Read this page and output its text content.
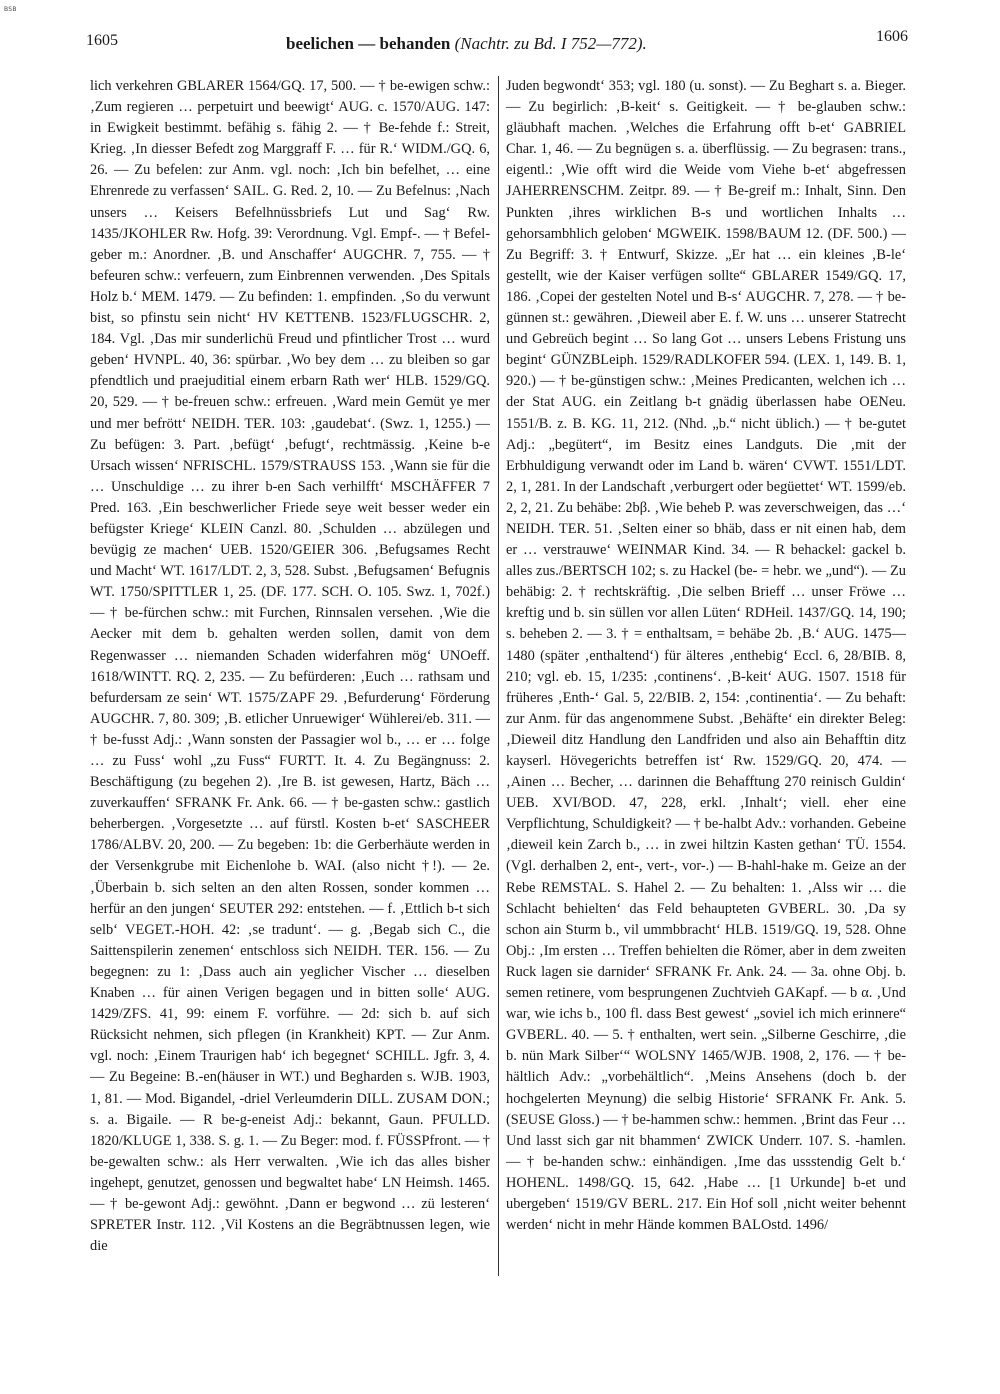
BSB
1605	beelichen — behanden (Nachtr. zu Bd. I 752—772).	1606

lich verkehren GBLARER 1564/GQ. 17, 500. — † be-ewigen schw.: ‚Zum regieren … perpetuirt und beewigt‘ AUG. c. 1570/AUG. 147: in Ewigkeit bestimmt. befähig s. fähig 2. — † Be-fehde f.: Streit, Krieg. ‚In diesser Befedt zog Marggraff F. … für R.‘ WIDM./GQ. 6, 26. — Zu befelen: zur Anm. vgl. noch: ‚Ich bin befelhet, … eine Ehrenrede zu verfassen‘ SAIL. G. Red. 2, 10. — Zu Befelnus: ‚Nach unsers … Keisers Befelhnüssbriefs Lut und Sag‘ Rw. 1435/JKOHLER Rw. Hofg. 39: Verordnung. Vgl. Empf-. — † Befel-geber m.: Anordner. ‚B. und Anschaffer‘ AUGCHR. 7, 755. — † befeuren schw.: verfeuern, zum Einbrennen verwenden. ‚Des Spitals Holz b.‘ MEM. 1479. — Zu befinden: 1. empfinden. ‚So du verwunt bist, so pfinstu sein nicht‘ HV KETTENB. 1523/FLUGSCHR. 2, 184. Vgl. ‚Das mir sunderlichü Freud und pfintlicher Trost … wurd geben‘ HVNPL. 40, 36: spürbar. ‚Wo bey dem … zu bleiben so gar pfendtlich und praejuditial einem erbarn Rath wer‘ HLB. 1529/GQ. 20, 529. — † be-freuen schw.: erfreuen. ‚Ward mein Gemüt ye mer und mer befrött‘ NEIDH. TER. 103: ‚gaudebat‘. (Swz. 1, 1255.) — Zu befügen: 3. Part. ‚befügt‘ ‚befugt‘, rechtmässig. ‚Keine b-e Ursach wissen‘ NFRISCHL. 1579/STRAUSS 153. ‚Wann sie für die … Unschuldige … zu ihrer b-en Sach verhilfft‘ MSCHÄFFER 7 Pred. 163. ‚Ein beschwerlicher Friede seye weit besser weder ein befügster Kriege‘ KLEIN Canzl. 80. ‚Schulden … abzülegen und bevügig ze machen‘ UEB. 1520/GEIER 306. ‚Befugsames Recht und Macht‘ WT. 1617/LDT. 2, 3, 528. Subst. ‚Befugsamen‘ Befugnis WT. 1750/SPITTLER 1, 25. (DF. 177. SCH. O. 105. Swz. 1, 702f.) — † be-fürchen schw.: mit Furchen, Rinnsalen versehen. ‚Wie die Aecker mit dem b. gehalten werden sollen, damit von dem Regenwasser … niemanden Schaden widerfahren mög‘ UNOeff. 1618/WINTT. RQ. 2, 235. — Zu befürderen: ‚Euch … rathsam und befurdersam ze sein‘ WT. 1575/ZAPF 29. ‚Befurderung‘ Förderung AUGCHR. 7, 80. 309; ‚B. etlicher Unruewiger‘ Wühlerei/eb. 311. — † be-fusst Adj.: ‚Wann sonsten der Passagier wol b., … er … folge … zu Fuss‘ wohl „zu Fuss“ FURTT. It. 4. Zu Begängnuss: 2. Beschäftigung (zu begehen 2). ‚Ire B. ist gewesen, Hartz, Bäch … zuverkauffen‘ SFRANK Fr. Ank. 66. — † be-gasten schw.: gastlich beherbergen. ‚Vorgesetzte … auf fürstl. Kosten b-et‘ SASCHEER 1786/ALBV. 20, 200. — Zu begeben: 1b: die Gerberhäute werden in der Versenkgrube mit Eichenlohe b. WAI. (also nicht †!). — 2e. ‚Überbain b. sich selten an den alten Rossen, sonder kommen … herfür an den jungen‘ SEUTER 292: entstehen. — f. ‚Ettlich b-t sich selb‘ VEGET.-HOH. 42: ‚se tradunt‘. — g. ‚Begab sich C., die Saittenspilerin zenemen‘ entschloss sich NEIDH. TER. 156. — Zu begegnen: zu 1: ‚Dass auch ain yeglicher Vischer … dieselben Knaben … für ainen Verigen begagen und in bitten solle‘ AUG. 1429/ZFS. 41, 99: einem F. vorführe. — 2d: sich b. auf sich Rücksicht nehmen, sich pflegen (in Krankheit) KPT. — Zur Anm. vgl. noch: ‚Einem Traurigen hab‘ ich begegnet‘ SCHILL. Jgfr. 3, 4. — Zu Begeine: B.-en(häuser in WT.) und Begharden s. WJB. 1903, 1, 81. — Mod. Bigandel, -driel Verleumderin DILL. ZUSAM DON.; s. a. Bigaile. — R be-g-eneist Adj.: bekannt, Gaun. PFULLD. 1820/KLUGE 1, 338. S. g. 1. — Zu Beger: mod. f. FÜSSPfront. — † be-gewalten schw.: als Herr verwalten. ‚Wie ich das alles bisher ingehept, genutzet, genossen und begwaltet habe‘ LN Heimsh. 1465. — † be-gewont Adj.: gewöhnt. ‚Dann er begwond … zü lesteren‘ SPRETER Instr. 112. ‚Vil Kostens an die Begräbtnussen legen, wie die

Juden begwondt‘ 353; vgl. 180 (u. sonst). — Zu Beghart s. a. Bieger. — Zu begirlich: ‚B-keit‘ s. Geitigkeit. — † be-glauben schw.: gläubhaft machen. ‚Welches die Erfahrung offt b-et‘ GABRIEL Char. 1, 46. — Zu begnügen s. a. überflüssig. — Zu begrasen: trans., eigentl.: ‚Wie offt wird die Weide vom Viehe b-et‘ abgefressen JAHERRENSCHM. Zeitpr. 89. — † Be-greif m.: Inhalt, Sinn. Den Punkten ‚ihres wirklichen B-s und wortlichen Inhalts … gehorsambhlich geloben‘ MGWEIK. 1598/BAUM 12. (DF. 500.) — Zu Begriff: 3. † Entwurf, Skizze. „Er hat … ein kleines ‚B-le‘ gestellt, wie der Kaiser verfügen sollte“ GBLARER 1549/GQ. 17, 186. ‚Copei der gestelten Notel und B-s‘ AUGCHR. 7, 278. — † be-günnen st.: gewähren. ‚Dieweil aber E. f. W. uns … unserer Statrecht und Gebreüch begint … So lang Got … unsers Lebens Fristung uns begint‘ GÜNZBLeiph. 1529/RADLKOFER 594. (LEX. 1, 149. B. 1, 920.) — † be-günstigen schw.: ‚Meines Predicanten, welchen ich … der Stat AUG. ein Zeitlang b-t gnädig überlassen habe OENeu. 1551/B. z. B. KG. 11, 212. (Nhd. „b.“ nicht üblich.) — † be-gutet Adj.: „begütert“, im Besitz eines Landguts. Die ‚mit der Erbhuldigung verwandt oder im Land b. wären‘ CVWT. 1551/LDT. 2, 1, 281. In der Landschaft ‚verburgert oder begüettet‘ WT. 1599/eb. 2, 2, 21. Zu behäbe: 2bβ. ‚Wie beheb P. was zeverschweigen, das …‘ NEIDH. TER. 51. ‚Selten einer so bhäb, dass er nit einen hab, dem er … verstrauwe‘ WEINMAR Kind. 34. — R behackel: gackel b. alles zus./BERTSCH 102; s. zu Hackel (be- = hebr. we „und“). — Zu behäbig: 2. † rechtskräftig. ‚Die selben Brieff … unser Fröwe … kreftig und b. sin süllen vor allen Lüten‘ RDHeil. 1437/GQ. 14, 190; s. beheben 2. — 3. † = enthaltsam, = behäbe 2b. ‚B.‘ AUG. 1475—1480 (später ‚enthaltend‘) für älteres ‚enthebig‘ Eccl. 6, 28/BIB. 8, 210; vgl. eb. 15, 1/235: ‚continens‘. ‚B-keit‘ AUG. 1507. 1518 für früheres ‚Enth-‘ Gal. 5, 22/BIB. 2, 154: ‚continentia‘. — Zu behaft: zur Anm. für das angenommene Subst. ‚Behäfte‘ ein direkter Beleg: ‚Dieweil ditz Handlung den Landfriden und also ain Behafftin ditz kayserl. Hövegerichts betreffen ist‘ Rw. 1529/GQ. 20, 474. — ‚Ainen … Becher, … darinnen die Behafftung 270 reinisch Guldin‘ UEB. XVI/BOD. 47, 228, erkl. ‚Inhalt‘; viell. eher eine Verpflichtung, Schuldigkeit? — † be-halbt Adv.: vorhanden. Gebeine ‚dieweil kein Zarch b., … in zwei hiltzin Kasten gethan‘ TÜ. 1554. (Vgl. derhalben 2, ent-, vert-, vor-.) — B-hahl-hake m. Geize an der Rebe REMSTAL. S. Hahel 2. — Zu behalten: 1. ‚Alss wir … die Schlacht behielten‘ das Feld behaupteten GVBERL. 30. ‚Da sy schon ain Sturm b., vil ummbbracht‘ HLB. 1519/GQ. 19, 528. Ohne Obj.: ‚Im ersten … Treffen behielten die Römer, aber in dem zweiten Ruck lagen sie darnider‘ SFRANK Fr. Ank. 24. — 3a. ohne Obj. b. semen retinere, vom besprungenen Zuchtvieh GAKapf. — b α. ‚Und war, wie ichs b., 100 fl. dass Best gewest‘ „soviel ich mich erinnere“ GVBERL. 40. — 5. † enthalten, wert sein. „Silberne Geschirre, ‚die b. nün Mark Silber‘“ WOLSNY 1465/WJB. 1908, 2, 176. — † be-hältlich Adv.: „vorbehältlich“. ‚Meins Ansehens (doch b. der hochgelerten Meynung) die selbig Historie‘ SFRANK Fr. Ank. 5. (SEUSE Gloss.) — † be-hammen schw.: hemmen. ‚Brint das Feur … Und lasst sich gar nit bhammen‘ ZWICK Underr. 107. S. -hamlen. — † be-handen schw.: einhändigen. ‚Ime das ussstendig Gelt b.‘ HOHENL. 1498/GQ. 15, 642. ‚Habe … [1 Urkunde] b-et und ubergeben‘ 1519/GV BERL. 217. Ein Hof soll ‚nicht weiter behennt werden‘ nicht in mehr Hände kommen BALOstd. 1496/
